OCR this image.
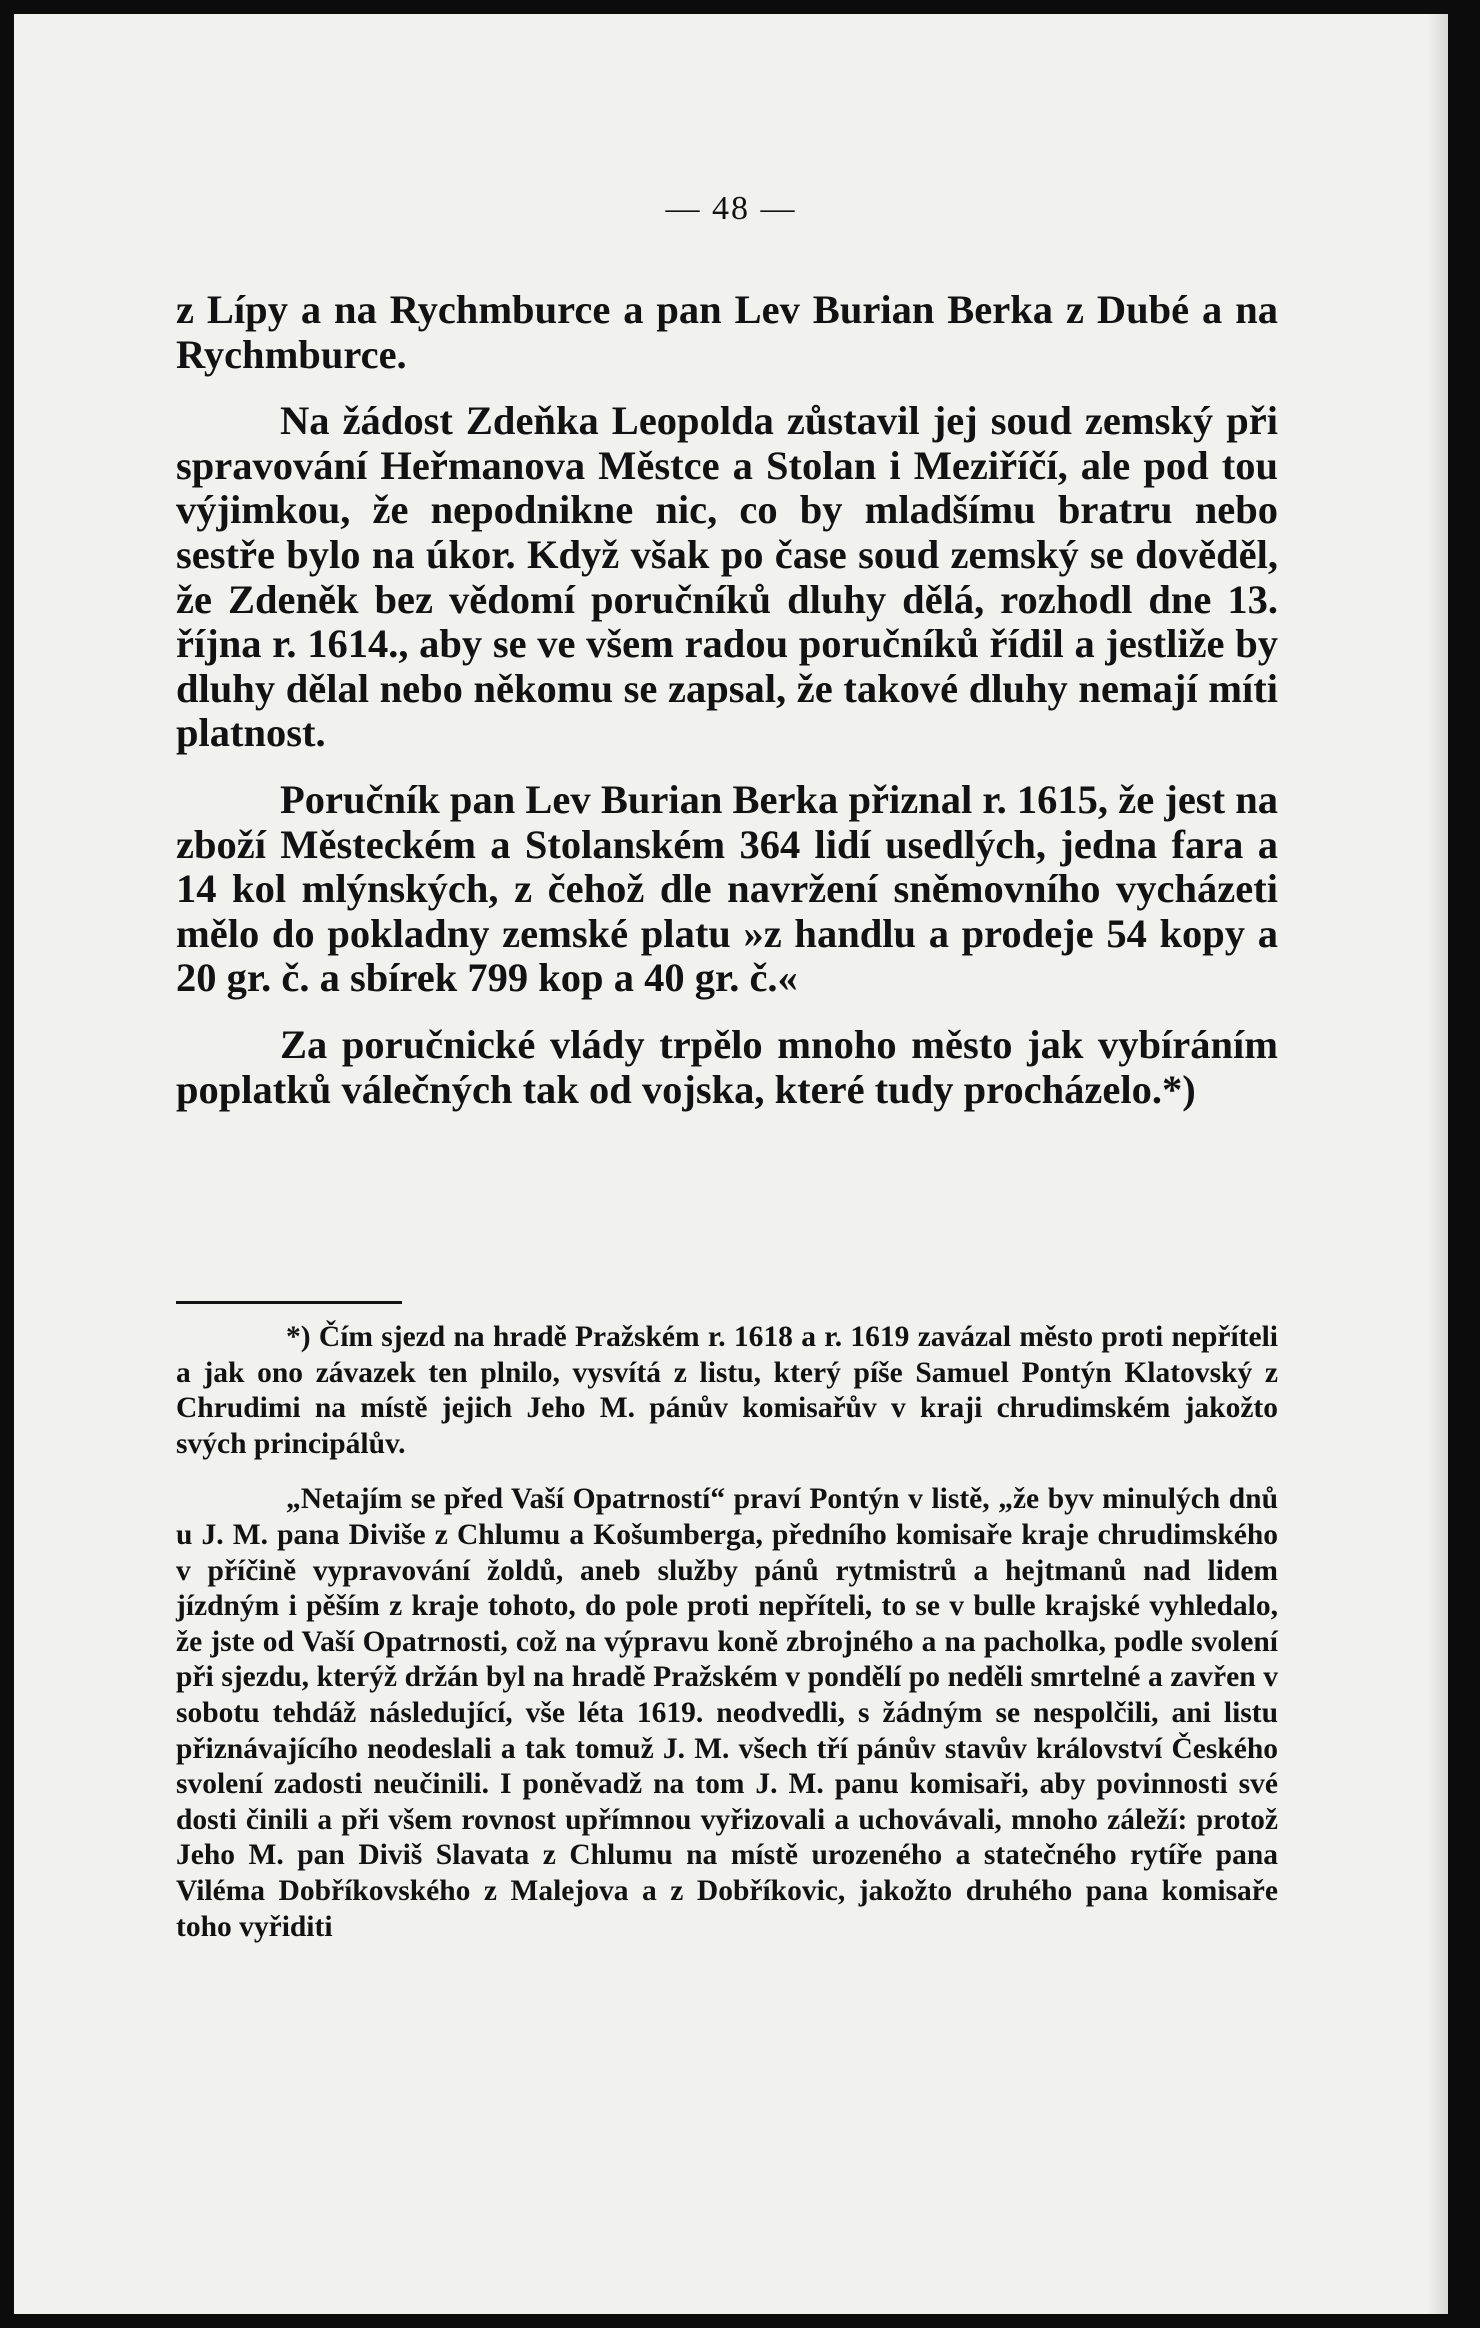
— 48 —

z Lípy a na Rychmburce a pan Lev Burian Berka z Dubé a na Rychmburce.

Na žádost Zdeňka Leopolda zůstavil jej soud zemský při spravování Heřmanova Městce a Stolan i Meziříčí, ale pod tou výjimkou, že nepodnikne nic, co by mladšímu bratru nebo sestře bylo na úkor. Když však po čase soud zemský se dověděl, že Zdeněk bez vědomí poručníků dluhy dělá, rozhodl dne 13. října r. 1614., aby se ve všem radou poručníků řídil a jestliže by dluhy dělal nebo někomu se zapsal, že takové dluhy nemají míti platnost.

Poručník pan Lev Burian Berka přiznal r. 1615, že jest na zboží Městeckém a Stolanském 364 lidí usedlých, jedna fara a 14 kol mlýnských, z čehož dle navržení sněmovního vycházeti mělo do pokladny zemské platu »z handlu a prodeje 54 kopy a 20 gr. č. a sbírek 799 kop a 40 gr. č.«

Za poručnické vlády trpělo mnoho město jak vybíráním poplatků válečných tak od vojska, které tudy procházelo.*)

*) Čím sjezd na hradě Pražském r. 1618 a r. 1619 zavázal město proti nepříteli a jak ono závazek ten plnilo, vysvítá z listu, který píše Samuel Pontýn Klatovský z Chrudimi na místě jejich Jeho M. pánův komisařův v kraji chrudimském jakožto svých principálův.

„Netajím se před Vaší Opatrností“ praví Pontýn v listě, „že byv minulých dnů u J. M. pana Diviše z Chlumu a Košumberga, předního komisaře kraje chrudimského v příčině vypravování žoldů, aneb služby pánů rytmistrů a hejtmanů nad lidem jízdným i pěším z kraje tohoto, do pole proti nepříteli, to se v bulle krajské vyhledalo, že jste od Vaší Opatrnosti, což na výpravu koně zbrojného a na pacholka, podle svolení při sjezdu, kterýž držán byl na hradě Pražském v pondělí po neděli smrtelné a zavřen v sobotu tehdáž následující, vše léta 1619. neodvedli, s žádným se nespolčili, ani listu přiznávajícího neodeslali a tak tomuž J. M. všech tří pánův stavův království Českého svolení zadosti neučinili. I poněvadž na tom J. M. panu komisaři, aby povinnosti své dosti činili a při všem rovnost upřímnou vyřizovali a uchovávali, mnoho záleží: protož Jeho M. pan Diviš Slavata z Chlumu na místě urozeného a statečného rytíře pana Viléma Dobříkovského z Malejova a z Dobříkovic, jakožto druhého pana komisaře toho vyřiditi
